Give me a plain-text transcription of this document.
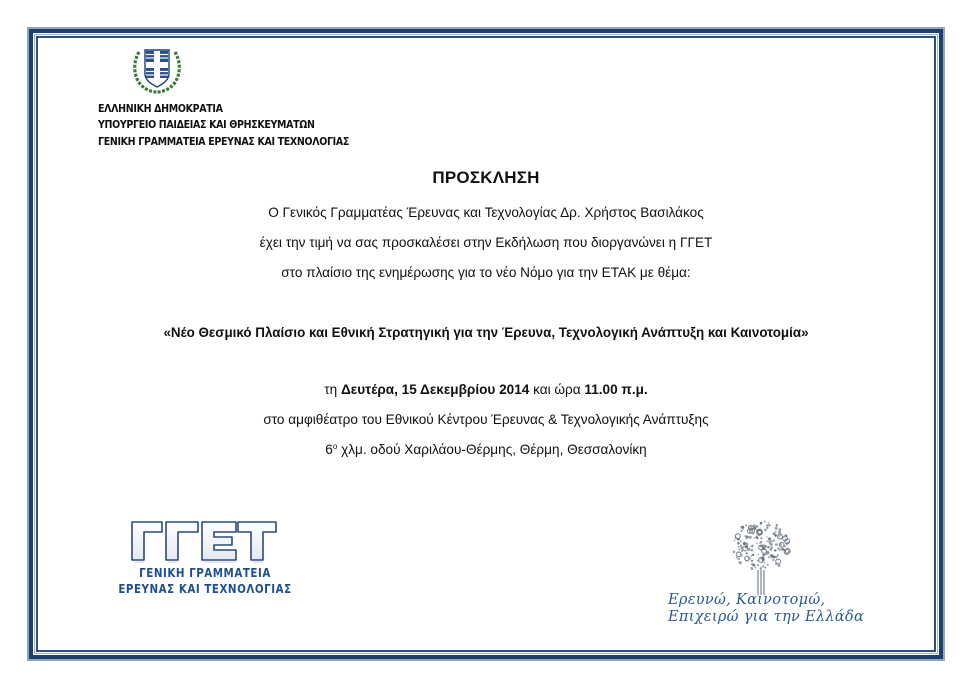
ΕΛΛΗΝΙΚΗ ΔΗΜΟΚΡΑΤΙΑ
ΥΠΟΥΡΓΕΙΟ ΠΑΙΔΕΙΑΣ ΚΑΙ ΘΡΗΣΚΕΥΜΑΤΩΝ
ΓΕΝΙΚΗ ΓΡΑΜΜΑΤΕΙΑ ΕΡΕΥΝΑΣ ΚΑΙ ΤΕΧΝΟΛΟΓΙΑΣ
ΠΡΟΣΚΛΗΣΗ
Ο Γενικός Γραμματέας Έρευνας και Τεχνολογίας Δρ. Χρήστος Βασιλάκος
έχει την τιμή να σας προσκαλέσει στην Εκδήλωση που διοργανώνει η ΓΓΕΤ
στο πλαίσιο της ενημέρωσης για το νέο Νόμο για την ΕΤΑΚ με θέμα:
«Νέο Θεσμικό Πλαίσιο και Εθνική Στρατηγική για την Έρευνα, Τεχνολογική Ανάπτυξη και Καινοτομία»
τη Δευτέρα, 15 Δεκεμβρίου 2014 και ώρα 11.00 π.μ.
στο αμφιθέατρο του Εθνικού Κέντρου Έρευνας & Τεχνολογικής Ανάπτυξης
$6^o$ χλμ. οδού Χαριλάου-Θέρμης, Θέρμη, Θεσσαλονίκη
ΓΕΝΙΚΗ ΓΡΑΜΜΑΤΕΙΑ
ΕΡΕΥΝΑΣ ΚΑΙ ΤΕΧΝΟΛΟΓΙΑΣ
Ερευνώ, Καινοτομώ,
Επιχειρώ για την Ελλάδα
